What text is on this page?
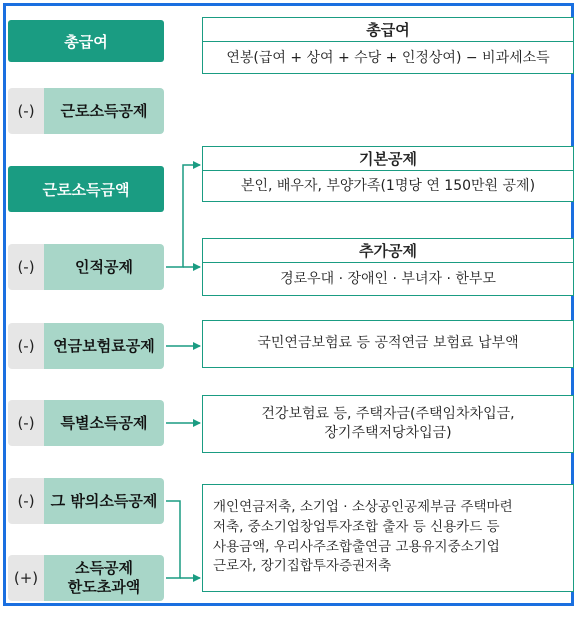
총급여
(-)	근로소득공제
근로소득금액
(-)	인적공제
(-)	연금보험료공제
(-)	특별소득공제
(-)	그 밖의소득공제
(+)
소득공제
한도초과액
총급여
연봉(급여 + 상여 + 수당 + 인정상여) − 비과세소득
기본공제
본인, 배우자, 부양가족(1명당 연 150만원 공제)
추가공제
경로우대 · 장애인 · 부녀자 · 한부모
국민연금보험료 등 공적연금 보험료 납부액
건강보험료 등, 주택자금(주택임차차입금,
장기주택저당차입금)
개인연금저축, 소기업 · 소상공인공제부금 주택마련
저축, 중소기업창업투자조합 출자 등 신용카드 등
사용금액, 우리사주조합출연금 고용유지중소기업
근로자, 장기집합투자증권저축
